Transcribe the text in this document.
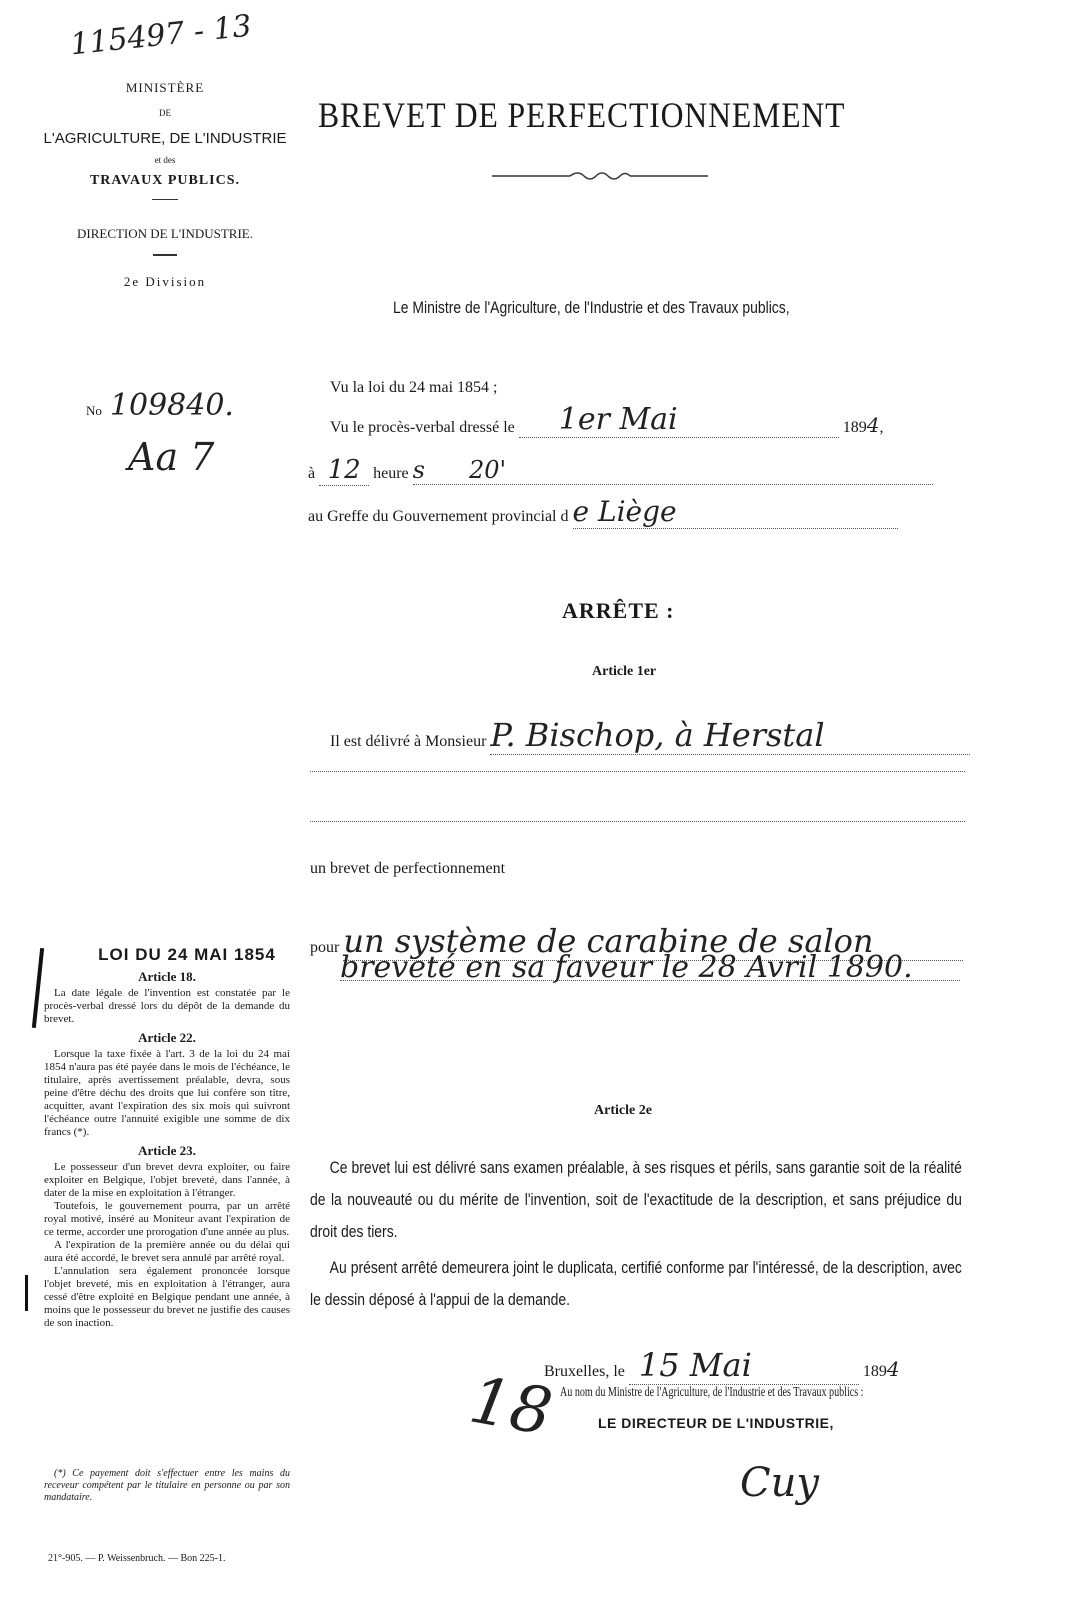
115497 - 13
MINISTÈRE
DE
L'AGRICULTURE, DE L'INDUSTRIE
et des
TRAVAUX PUBLICS.
DIRECTION DE L'INDUSTRIE.
2e Division
No 109840.
Aa 7
BREVET DE PERFECTIONNEMENT
Le Ministre de l'Agriculture, de l'Industrie et des Travaux publics,
Vu la loi du 24 mai 1854 ;
Vu le procès-verbal dressé le 1er Mai	1894,
à 12 heure s 20'
au Greffe du Gouvernement provincial d e Liège
ARRÊTE :
Article 1er
Il est délivré à Monsieur P. Bischop, à Herstal
un brevet de perfectionnement
pour un système de carabine de salon
breveté en sa faveur le 28 Avril 1890.
Article 2e
Ce brevet lui est délivré sans examen préalable, à ses risques et périls, sans garantie soit de la réalité de la nouveauté ou du mérite de l'invention, soit de l'exactitude de la description, et sans préjudice du droit des tiers.
Au présent arrêté demeurera joint le duplicata, certifié conforme par l'intéressé, de la description, avec le dessin déposé à l'appui de la demande.
Bruxelles, le 15 Mai	1894
Au nom du Ministre de l'Agriculture, de l'Industrie et des Travaux publics :
LE DIRECTEUR DE L'INDUSTRIE,
18
Cuy
LOI DU 24 MAI 1854

Article 18.

La date légale de l'invention est constatée par le procès-verbal dressé lors du dépôt de la demande du brevet.

Article 22.

Lorsque la taxe fixée à l'art. 3 de la loi du 24 mai 1854 n'aura pas été payée dans le mois de l'échéance, le titulaire, après avertissement préalable, devra, sous peine d'être déchu des droits que lui confère son titre, acquitter, avant l'expiration des six mois qui suivront l'échéance outre l'annuité exigible une somme de dix francs (*).

Article 23.

Le possesseur d'un brevet devra exploiter, ou faire exploiter en Belgique, l'objet breveté, dans l'année, à dater de la mise en exploitation à l'étranger.

Toutefois, le gouvernement pourra, par un arrêté royal motivé, inséré au Moniteur avant l'expiration de ce terme, accorder une prorogation d'une année au plus.

A l'expiration de la première année ou du délai qui aura été accordé, le brevet sera annulé par arrêté royal.

L'annulation sera également prononcée lorsque l'objet breveté, mis en exploitation à l'étranger, aura cessé d'être exploité en Belgique pendant une année, à moins que le possesseur du brevet ne justifie des causes de son inaction.

(*) Ce payement doit s'effectuer entre les mains du receveur compétent par le titulaire en personne ou par son mandataire.
21°-905. — P. Weissenbruch. — Bon 225-1.
